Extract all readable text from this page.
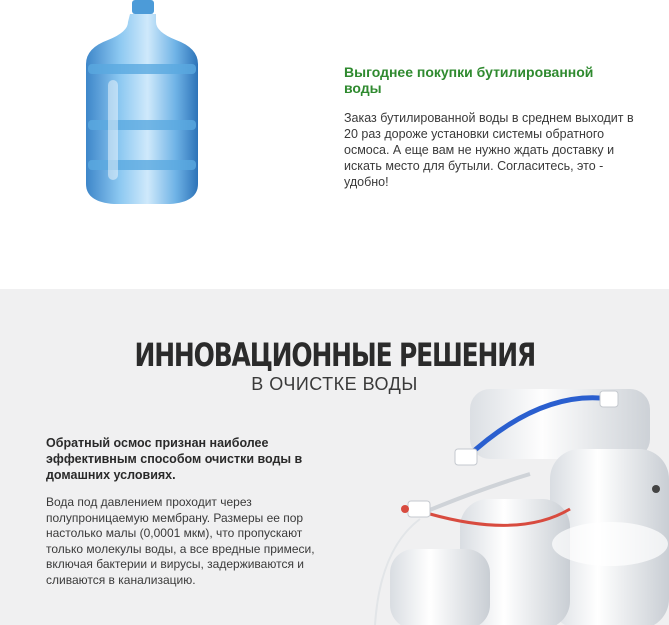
Выгоднее покупки бутилированной воды

Заказ бутилированной воды в среднем выходит в 20 раз дороже установки системы обратного осмоса. А еще вам не нужно ждать доставку и искать место для бутыли. Согласитесь, это - удобно!

ИННОВАЦИОННЫЕ РЕШЕНИЯ
В ОЧИСТКЕ ВОДЫ
Обратный осмос признан наиболее эффективным способом очистки воды в домашних условиях.

Вода под давлением проходит через полупроницаемую мембрану. Размеры ее пор настолько малы (0,0001 мкм), что пропускают только молекулы воды, а все вредные примеси, включая бактерии и вирусы, задерживаются и сливаются в канализацию.
